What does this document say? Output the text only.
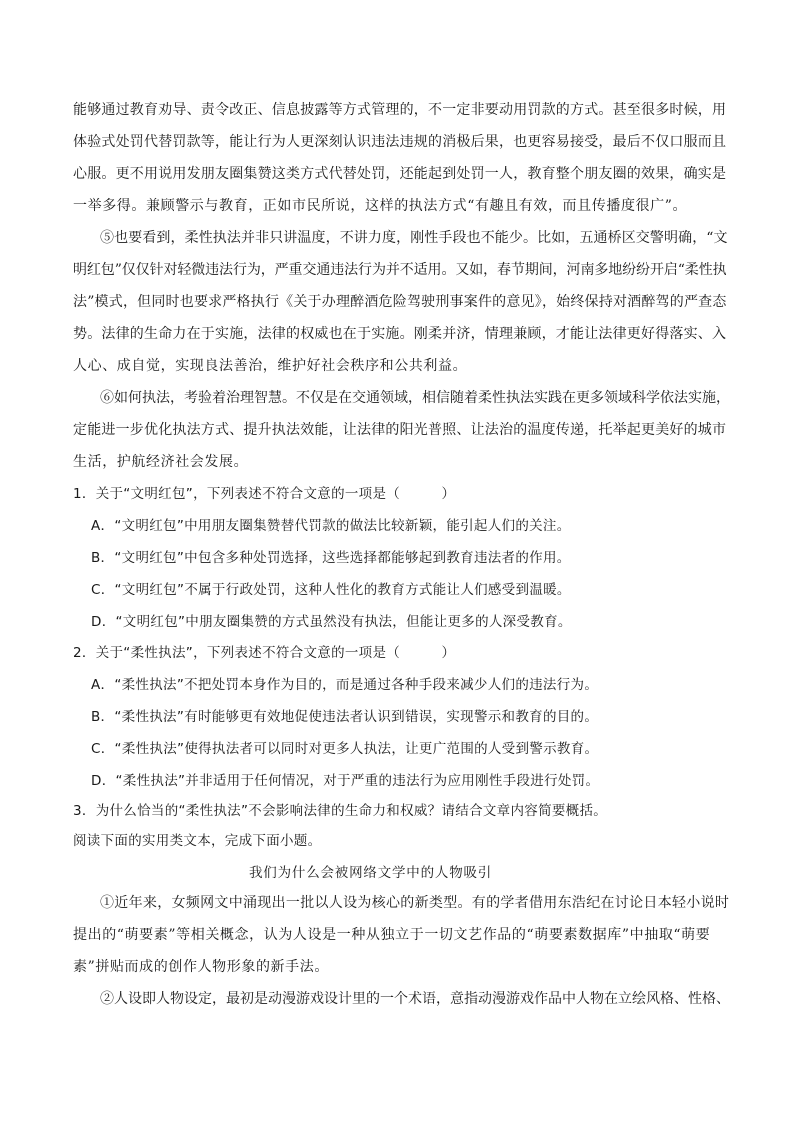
能够通过教育劝导、责令改正、信息披露等方式管理的，不一定非要动用罚款的方式。甚至很多时候，用
体验式处罚代替罚款等，能让行为人更深刻认识违法违规的消极后果，也更容易接受，最后不仅口服而且
心服。更不用说用发朋友圈集赞这类方式代替处罚，还能起到处罚一人，教育整个朋友圈的效果，确实是
一举多得。兼顾警示与教育，正如市民所说，这样的执法方式“有趣且有效，而且传播度很广”。
⑤也要看到，柔性执法并非只讲温度，不讲力度，刚性手段也不能少。比如，五通桥区交警明确，“文
明红包”仅仅针对轻微违法行为，严重交通违法行为并不适用。又如，春节期间，河南多地纷纷开启“柔性执
法”模式，但同时也要求严格执行《关于办理醉酒危险驾驶刑事案件的意见》，始终保持对酒醉驾的严查态
势。法律的生命力在于实施，法律的权威也在于实施。刚柔并济，情理兼顾，才能让法律更好得落实、入
人心、成自觉，实现良法善治，维护好社会秩序和公共利益。
⑥如何执法，考验着治理智慧。不仅是在交通领域，相信随着柔性执法实践在更多领域科学依法实施，
定能进一步优化执法方式、提升执法效能，让法律的阳光普照、让法治的温度传递，托举起更美好的城市
生活，护航经济社会发展。
1．关于“文明红包”，下列表述不符合文意的一项是（　　　）
A．“文明红包”中用朋友圈集赞替代罚款的做法比较新颖，能引起人们的关注。
B．“文明红包”中包含多种处罚选择，这些选择都能够起到教育违法者的作用。
C．“文明红包”不属于行政处罚，这种人性化的教育方式能让人们感受到温暖。
D．“文明红包”中朋友圈集赞的方式虽然没有执法，但能让更多的人深受教育。
2．关于“柔性执法”，下列表述不符合文意的一项是（　　　）
A．“柔性执法”不把处罚本身作为目的，而是通过各种手段来减少人们的违法行为。
B．“柔性执法”有时能够更有效地促使违法者认识到错误，实现警示和教育的目的。
C．“柔性执法”使得执法者可以同时对更多人执法，让更广范围的人受到警示教育。
D．“柔性执法”并非适用于任何情况，对于严重的违法行为应用刚性手段进行处罚。
3．为什么恰当的“柔性执法”不会影响法律的生命力和权威？请结合文章内容简要概括。
阅读下面的实用类文本，完成下面小题。
我们为什么会被网络文学中的人物吸引
①近年来，女频网文中涌现出一批以人设为核心的新类型。有的学者借用东浩纪在讨论日本轻小说时
提出的“萌要素”等相关概念，认为人设是一种从独立于一切文艺作品的“萌要素数据库”中抽取“萌要
素”拼贴而成的创作人物形象的新手法。
②人设即人物设定，最初是动漫游戏设计里的一个术语，意指动漫游戏作品中人物在立绘风格、性格、
